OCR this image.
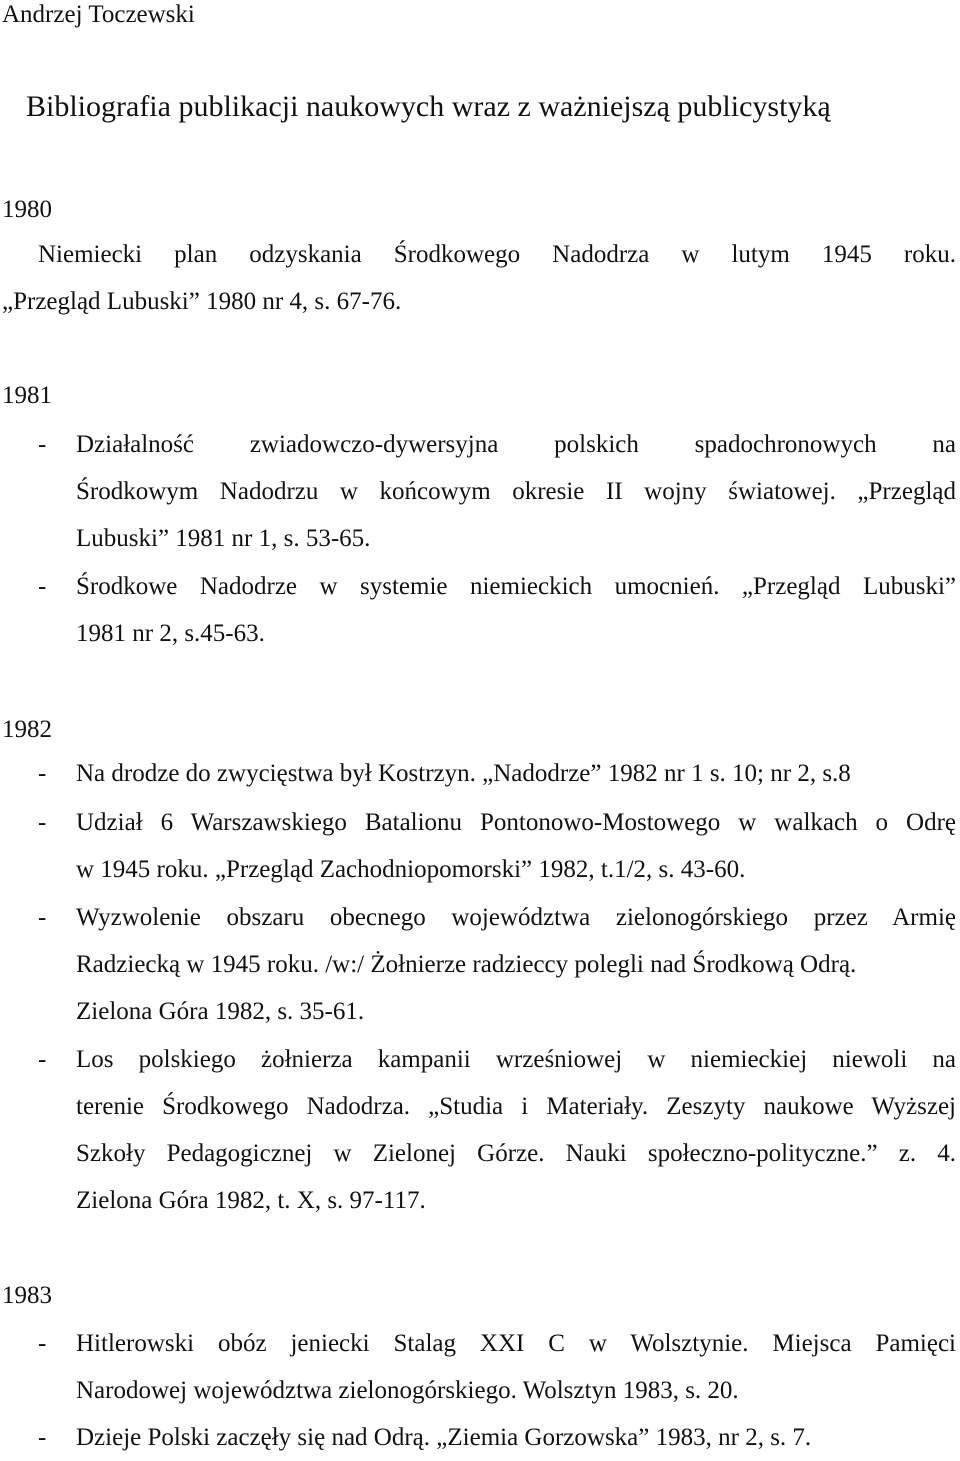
Andrzej Toczewski
Bibliografia publikacji naukowych wraz z ważniejszą publicystyką
1980
Niemiecki plan odzyskania Środkowego Nadodrza w lutym 1945 roku.
„Przegląd Lubuski” 1980 nr 4, s. 67-76.
1981
- Działalność zwiadowczo-dywersyjna polskich spadochronowych na
Środkowym Nadodrzu w końcowym okresie II wojny światowej. „Przegląd
Lubuski” 1981 nr 1, s. 53-65.
- Środkowe Nadodrze w systemie niemieckich umocnień. „Przegląd Lubuski”
1981 nr 2, s.45-63.
1982
- Na drodze do zwycięstwa był Kostrzyn. „Nadodrze” 1982 nr 1 s. 10; nr 2, s.8
- Udział 6 Warszawskiego Batalionu Pontonowo-Mostowego w walkach o Odrę
w 1945 roku. „Przegląd Zachodniopomorski” 1982, t.1/2, s. 43-60.
- Wyzwolenie obszaru obecnego województwa zielonogórskiego przez Armię
Radziecką w 1945 roku. /w:/ Żołnierze radzieccy polegli nad Środkową Odrą.
Zielona Góra 1982, s. 35-61.
- Los polskiego żołnierza kampanii wrześniowej w niemieckiej niewoli na
terenie Środkowego Nadodrza. „Studia i Materiały. Zeszyty naukowe Wyższej
Szkoły Pedagogicznej w Zielonej Górze. Nauki społeczno-polityczne.” z. 4.
Zielona Góra 1982, t. X, s. 97-117.
1983
- Hitlerowski obóz jeniecki Stalag XXI C w Wolsztynie. Miejsca Pamięci
Narodowej województwa zielonogórskiego. Wolsztyn 1983, s. 20.
- Dzieje Polski zaczęły się nad Odrą. „Ziemia Gorzowska” 1983, nr 2, s. 7.
